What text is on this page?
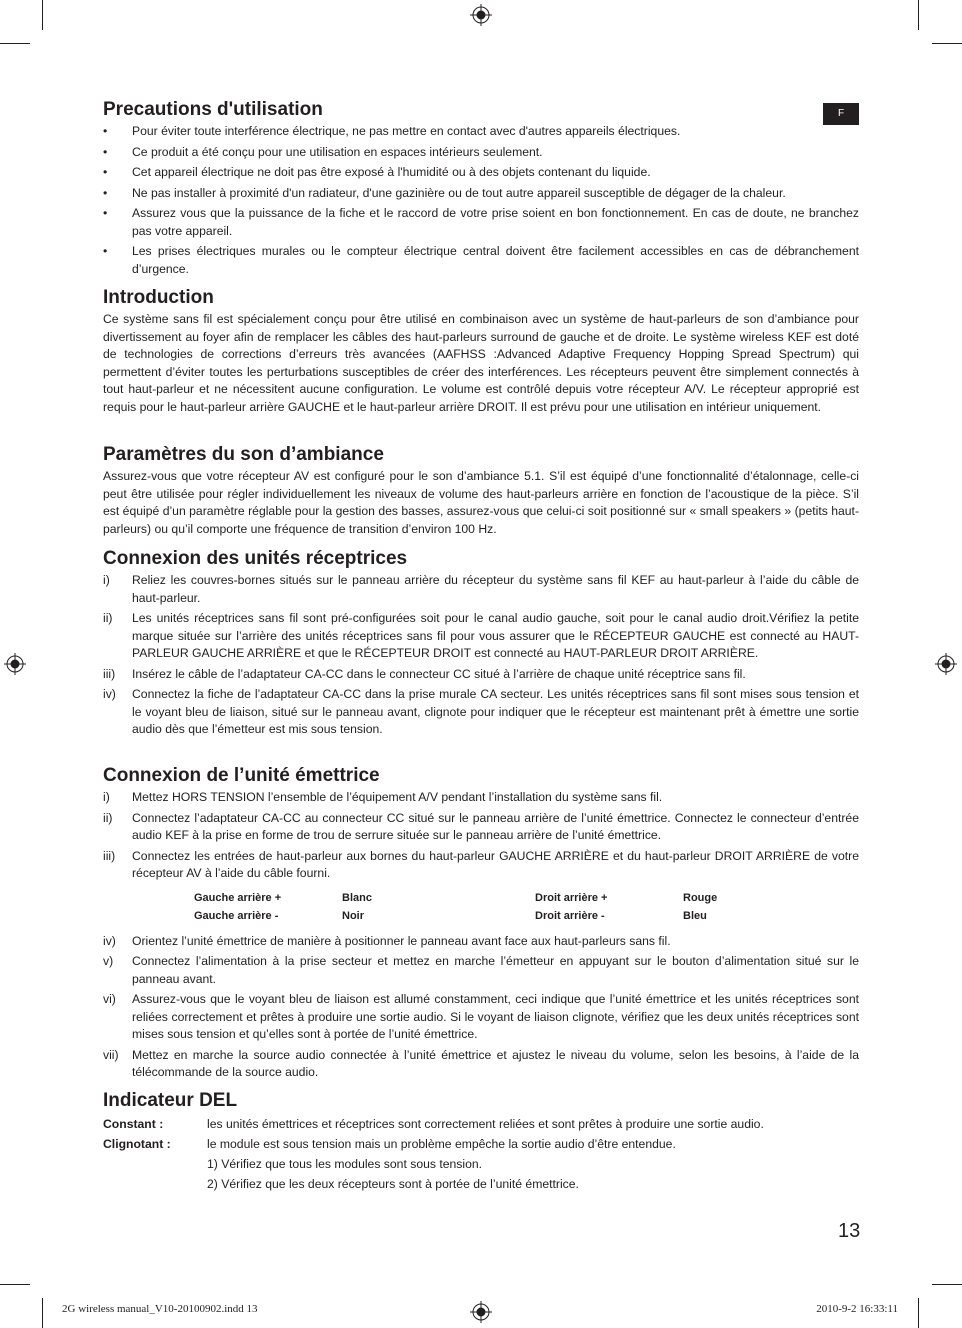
F
Precautions d'utilisation
•	Pour éviter toute interférence électrique, ne pas mettre en contact avec d'autres appareils électriques.
•	Ce produit a été conçu pour une utilisation en espaces intérieurs seulement.
•	Cet appareil électrique ne doit pas être exposé à l'humidité ou à des objets contenant du liquide.
•	Ne pas installer à proximité d'un radiateur, d'une gazinière ou de tout autre appareil susceptible de dégager de la chaleur.
•	Assurez vous que la puissance de la fiche et le raccord de votre prise soient en bon fonctionnement. En cas de doute, ne branchez pas votre appareil.
•	Les prises électriques murales ou le compteur électrique central doivent être facilement accessibles en cas de débranchement d’urgence.
Introduction

Ce système sans fil est spécialement conçu pour être utilisé en combinaison avec un système de haut-parleurs de son d’ambiance pour divertissement au foyer afin de remplacer les câbles des haut-parleurs surround de gauche et de droite. Le système wireless KEF est doté de technologies de corrections d’erreurs très avancées (AAFHSS :Advanced Adaptive Frequency Hopping Spread Spectrum) qui permettent d’éviter toutes les perturbations susceptibles de créer des interférences. Les récepteurs peuvent être simplement connectés à tout haut-parleur et ne nécessitent aucune configuration. Le volume est contrôlé depuis votre récepteur A/V. Le récepteur approprié est requis pour le haut-parleur arrière GAUCHE et le haut-parleur arrière DROIT. Il est prévu pour une utilisation en intérieur uniquement.

Paramètres du son d’ambiance

Assurez-vous que votre récepteur AV est configuré pour le son d’ambiance 5.1. S’il est équipé d’une fonctionnalité d’étalonnage, celle-ci peut être utilisée pour régler individuellement les niveaux de volume des haut-parleurs arrière en fonction de l’acoustique de la pièce. S’il est équipé d’un paramètre réglable pour la gestion des basses, assurez-vous que celui-ci soit positionné sur « small speakers » (petits haut-parleurs) ou qu’il comporte une fréquence de transition d’environ 100 Hz.

Connexion des unités réceptrices
i)	Reliez les couvres-bornes situés sur le panneau arrière du récepteur du système sans fil KEF au haut-parleur à l’aide du câble de haut-parleur.
ii)	Les unités réceptrices sans fil sont pré-configurées soit pour le canal audio gauche, soit pour le canal audio droit.Vérifiez la petite marque située sur l’arrière des unités réceptrices sans fil pour vous assurer que le RÉCEPTEUR GAUCHE est connecté au HAUT-PARLEUR GAUCHE ARRIÈRE et que le RÉCEPTEUR DROIT est connecté au HAUT-PARLEUR DROIT ARRIÈRE.
iii)	Insérez le câble de l’adaptateur CA-CC dans le connecteur CC situé à l’arrière de chaque unité réceptrice sans fil.
iv)	Connectez la fiche de l’adaptateur CA-CC dans la prise murale CA secteur. Les unités réceptrices sans fil sont mises sous tension et le voyant bleu de liaison, situé sur le panneau avant, clignote pour indiquer que le récepteur est maintenant prêt à émettre une sortie audio dès que l’émetteur est mis sous tension.
Connexion de l’unité émettrice
i)	Mettez HORS TENSION l’ensemble de l’équipement A/V pendant l’installation du système sans fil.
ii)	Connectez l’adaptateur CA-CC au connecteur CC situé sur le panneau arrière de l’unité émettrice. Connectez le connecteur d’entrée audio KEF à la prise en forme de trou de serrure située sur le panneau arrière de l’unité émettrice.
iii)	Connectez les entrées de haut-parleur aux bornes du haut-parleur GAUCHE ARRIÈRE et du haut-parleur DROIT ARRIÈRE de votre récepteur AV à l’aide du câble fourni.
Gauche arrière +	Blanc	Droit arrière +	Rouge
Gauche arrière -	Noir	Droit arrière -	Bleu
iv)	Orientez l’unité émettrice de manière à positionner le panneau avant face aux haut-parleurs sans fil.
v)	Connectez l’alimentation à la prise secteur et mettez en marche l’émetteur en appuyant sur le bouton d’alimentation situé sur le panneau avant.
vi)	Assurez-vous que le voyant bleu de liaison est allumé constamment, ceci indique que l’unité émettrice et les unités réceptrices sont reliées correctement et prêtes à produire une sortie audio. Si le voyant de liaison clignote, vérifiez que les deux unités réceptrices sont mises sous tension et qu’elles sont à portée de l’unité émettrice.
vii)	Mettez en marche la source audio connectée à l’unité émettrice et ajustez le niveau du volume, selon les besoins, à l’aide de la télécommande de la source audio.
Indicateur DEL
Constant :	les unités émettrices et réceptrices sont correctement reliées et sont prêtes à produire une sortie audio.
Clignotant :	le module est sous tension mais un problème empêche la sortie audio d’être entendue.
1) Vérifiez que tous les modules sont sous tension.
2) Vérifiez que les deux récepteurs sont à portée de l’unité émettrice.
13
2G wireless manual_V10-20100902.indd 13	2010-9-2 16:33:11
